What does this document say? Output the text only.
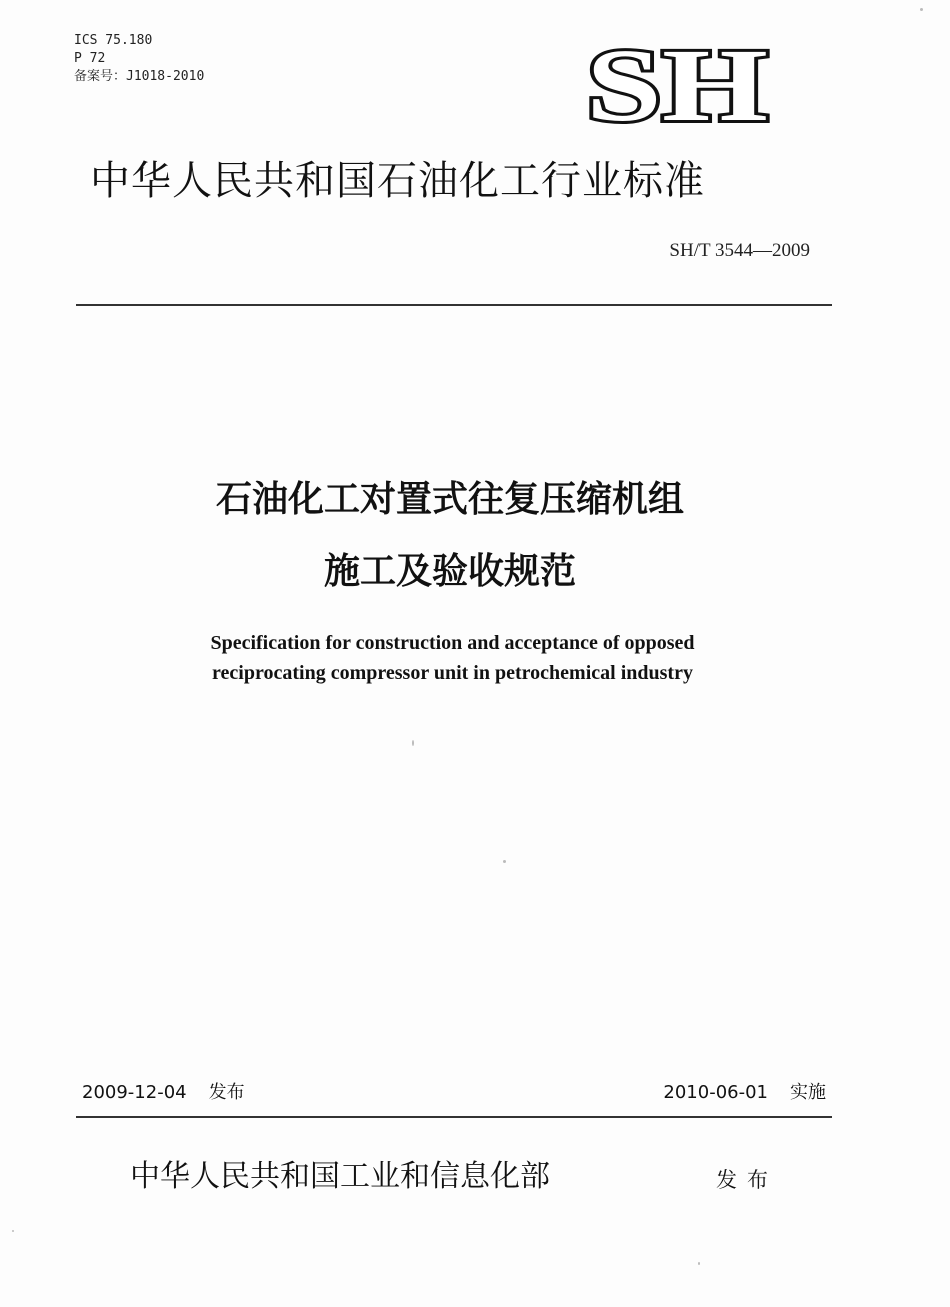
ICS 75.180
P 72
备案号：J1018-2010	SH
中华人民共和国石油化工行业标准
SH/T 3544—2009
石油化工对置式往复压缩机组
施工及验收规范
Specification for construction and acceptance of opposed
reciprocating compressor unit in petrochemical industry
2009-12-04 发布	2010-06-01 实施
中华人民共和国工业和信息化部	发布
